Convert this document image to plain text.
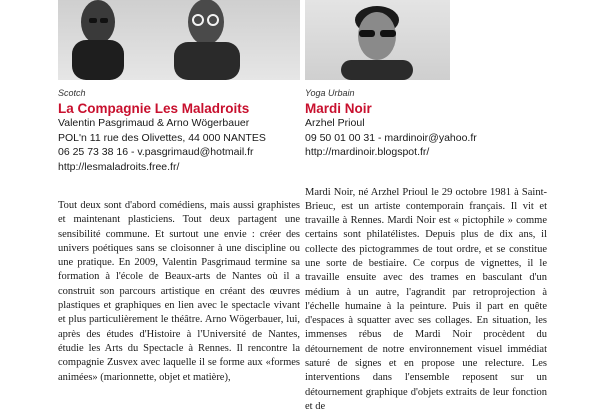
Scotch
La Compagnie Les Maladroits
Valentin Pasgrimaud & Arno Wögerbauer
POL'n 11 rue des Olivettes, 44 000 NANTES
06 25 73 38 16 - v.pasgrimaud@hotmail.fr
http://lesmaladroits.free.fr/

Tout deux sont d'abord comédiens, mais aussi graphistes et maintenant plasticiens. Tout deux partagent une sensibilité commune. Et surtout une envie : créer des univers poétiques sans se cloisonner à une discipline ou une pratique. En 2009, Valentin Pasgrimaud termine sa formation à l'école de Beaux-arts de Nantes où il a construit son parcours artistique en créant des œuvres plastiques et graphiques en lien avec le spectacle vivant et plus particulièrement le théâtre. Arno Wögerbauer, lui, après des études d'Histoire à l'Université de Nantes, étudie les Arts du Spectacle à Rennes. Il rencontre la compagnie Zusvex avec laquelle il se forme aux «formes animées» (marionnette, objet et matière),

Yoga Urbain
Mardi Noir
Arzhel Prioul
09 50 01 00 31 - mardinoir@yahoo.fr
http://mardinoir.blogspot.fr/

Mardi Noir, né Arzhel Prioul le 29 octobre 1981 à Saint-Brieuc, est un artiste contemporain français. Il vit et travaille à Rennes. Mardi Noir est « pictophile » comme certains sont philatélistes. Depuis plus de dix ans, il collecte des pictogrammes de tout ordre, et se constitue une sorte de bestiaire. Ce corpus de vignettes, il le travaille ensuite avec des trames en basculant d'un médium à un autre, l'agrandit par retroprojection à l'échelle humaine à la peinture. Puis il part en quête d'espaces à squatter avec ses collages. En situation, les immenses rébus de Mardi Noir procèdent du détournement de notre environnement visuel immédiat saturé de signes et en propose une relecture. Les interventions dans l'ensemble reposent sur un détournement graphique d'objets extraits de leur fonction et de
